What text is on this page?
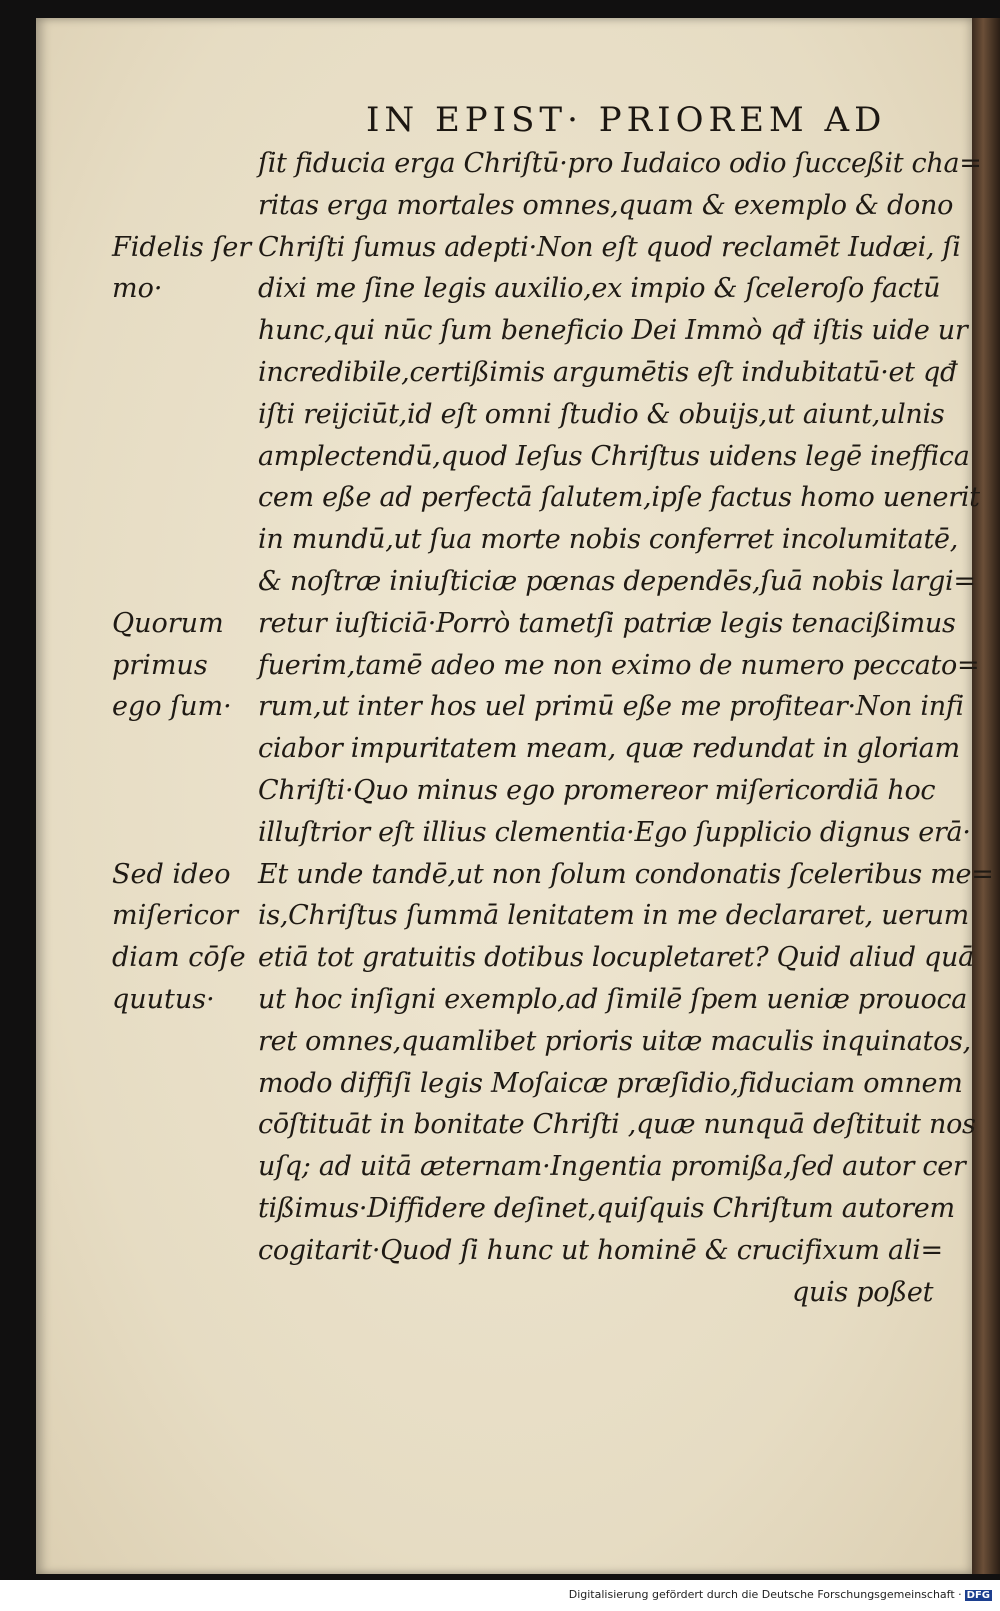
IN EPIST· PRIOREM AD
ſit fiducia erga Chriſtū·pro Iudaico odio ſucceßit cha=
ritas erga mortales omnes,quam & exemplo & dono
Chriſti ſumus adepti·Non eſt quod reclamēt Iudæi, ſi
dixi me ſine legis auxilio,ex impio & ſceleroſo factū
hunc,qui nūc ſum beneficio Dei Immò qđ iſtis uide ur
incredibile,certißimis argumētis eſt indubitatū·et qđ
iſti reijciūt,id eſt omni ſtudio & obuijs,ut aiunt,ulnis
amplectendū,quod Ieſus Chriſtus uidens legē ineffica
cem eße ad perfectā ſalutem,ipſe factus homo uenerit
in mundū,ut ſua morte nobis conferret incolumitatē,
& noſtræ iniuſticiæ pœnas dependēs,ſuā nobis largi=
retur iuſticiā·Porrò tametſi patriæ legis tenacißimus
fuerim,tamē adeo me non eximo de numero peccato=
rum,ut inter hos uel primū eße me profitear·Non infi
ciabor impuritatem meam, quæ redundat in gloriam
Chriſti·Quo minus ego promereor miſericordiā hoc
illuſtrior eſt illius clementia·Ego ſupplicio dignus erā·
Et unde tandē,ut non ſolum condonatis ſceleribus me=
is,Chriſtus ſummā lenitatem in me declararet, uerum
etiā tot gratuitis dotibus locupletaret? Quid aliud quā
ut hoc inſigni exemplo,ad ſimilē ſpem ueniæ prouoca
ret omnes,quamlibet prioris uitæ maculis inquinatos,
modo diffiſi legis Moſaicæ præſidio,fiduciam omnem
cōſtituāt in bonitate Chriſti ,quæ nunquā deſtituit nos
uſq; ad uitā æternam·Ingentia promißa,ſed autor cer
tißimus·Diffidere deſinet,quiſquis Chriſtum autorem
cogitarit·Quod ſi hunc ut hominē & crucifixum ali=
quis poßet
Fidelis ſer
mo·
Quorum
primus
ego ſum·
Sed ideo
miſericor
diam cōſe
quutus·
Digitalisierung gefördert durch die Deutsche Forschungsgemeinschaft · DFG
